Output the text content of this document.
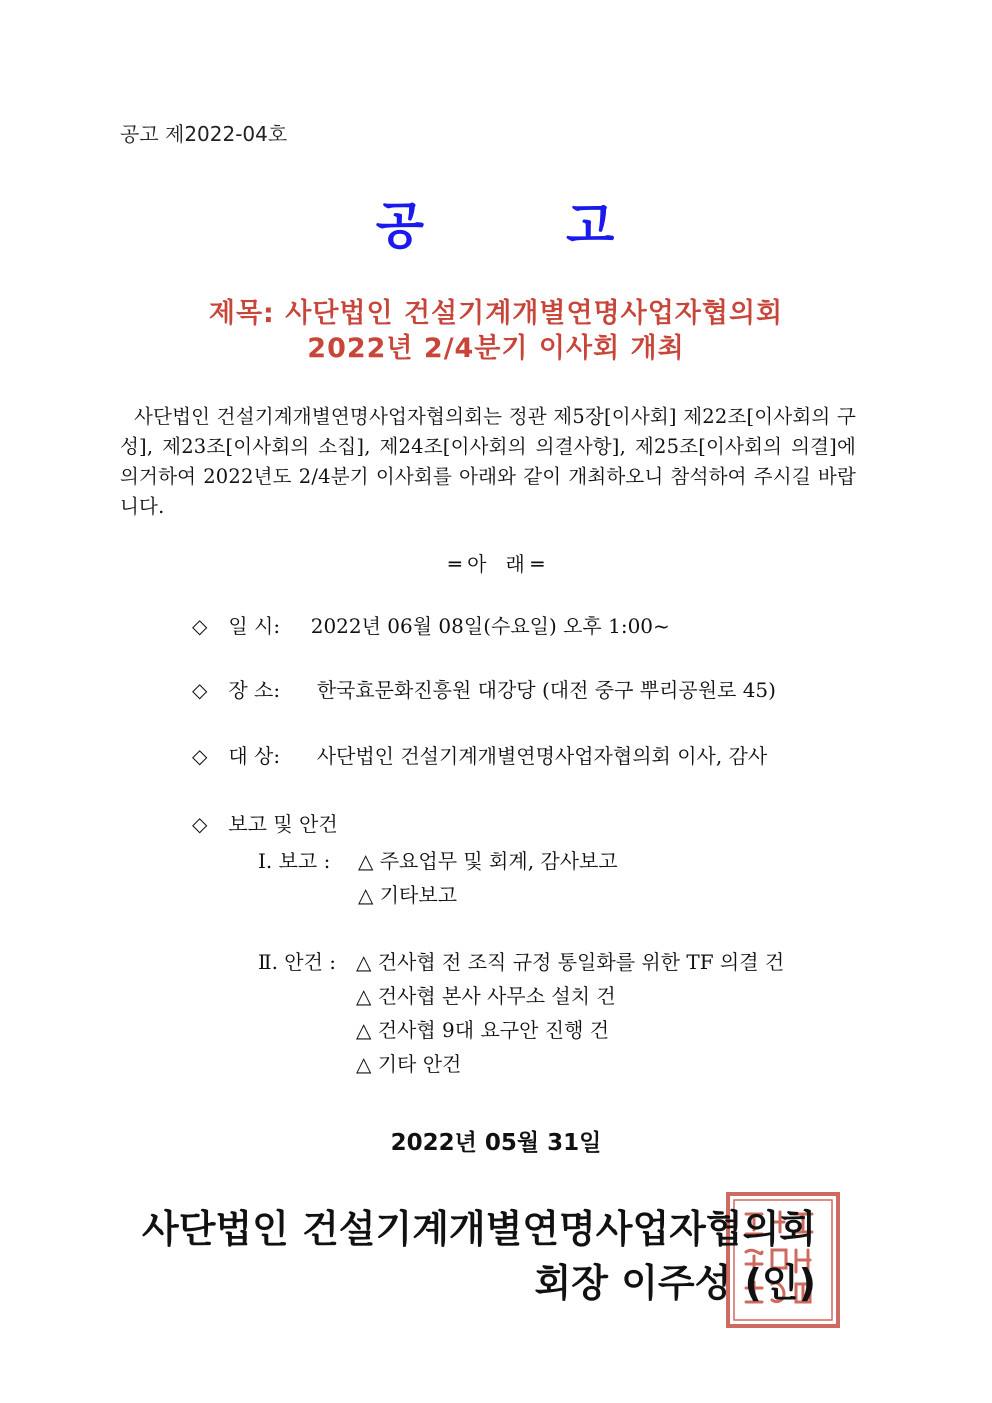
공고 제2022-04호
공	고
제목: 사단법인 건설기계개별연명사업자협의회
2022년 2/4분기 이사회 개최
사단법인 건설기계개별연명사업자협의회는 정관 제5장[이사회] 제22조[이사회의 구성], 제23조[이사회의 소집], 제24조[이사회의 의결사항], 제25조[이사회의 의결]에 의거하여 2022년도 2/4분기 이사회를 아래와 같이 개최하오니 참석하여 주시길 바랍니다.
═ 아   래 ═
◇ 일 시: 2022년 06월 08일(수요일) 오후 1:00~
◇ 장 소: 한국효문화진흥원 대강당 (대전 중구 뿌리공원로 45)
◇ 대 상: 사단법인 건설기계개별연명사업자협의회 이사, 감사
◇ 보고 및 안건
Ⅰ. 보고 : △ 주요업무 및 회계, 감사보고
△ 기타보고
Ⅱ. 안건 : △ 건사협 전 조직 규정 통일화를 위한 TF 의결 건
△ 건사협 본사 사무소 설치 건
△ 건사협 9대 요구안 진행 건
△ 기타 안건
2022년 05월 31일
사단법인 건설기계개별연명사업자협의회
회장 이주성 (인)
